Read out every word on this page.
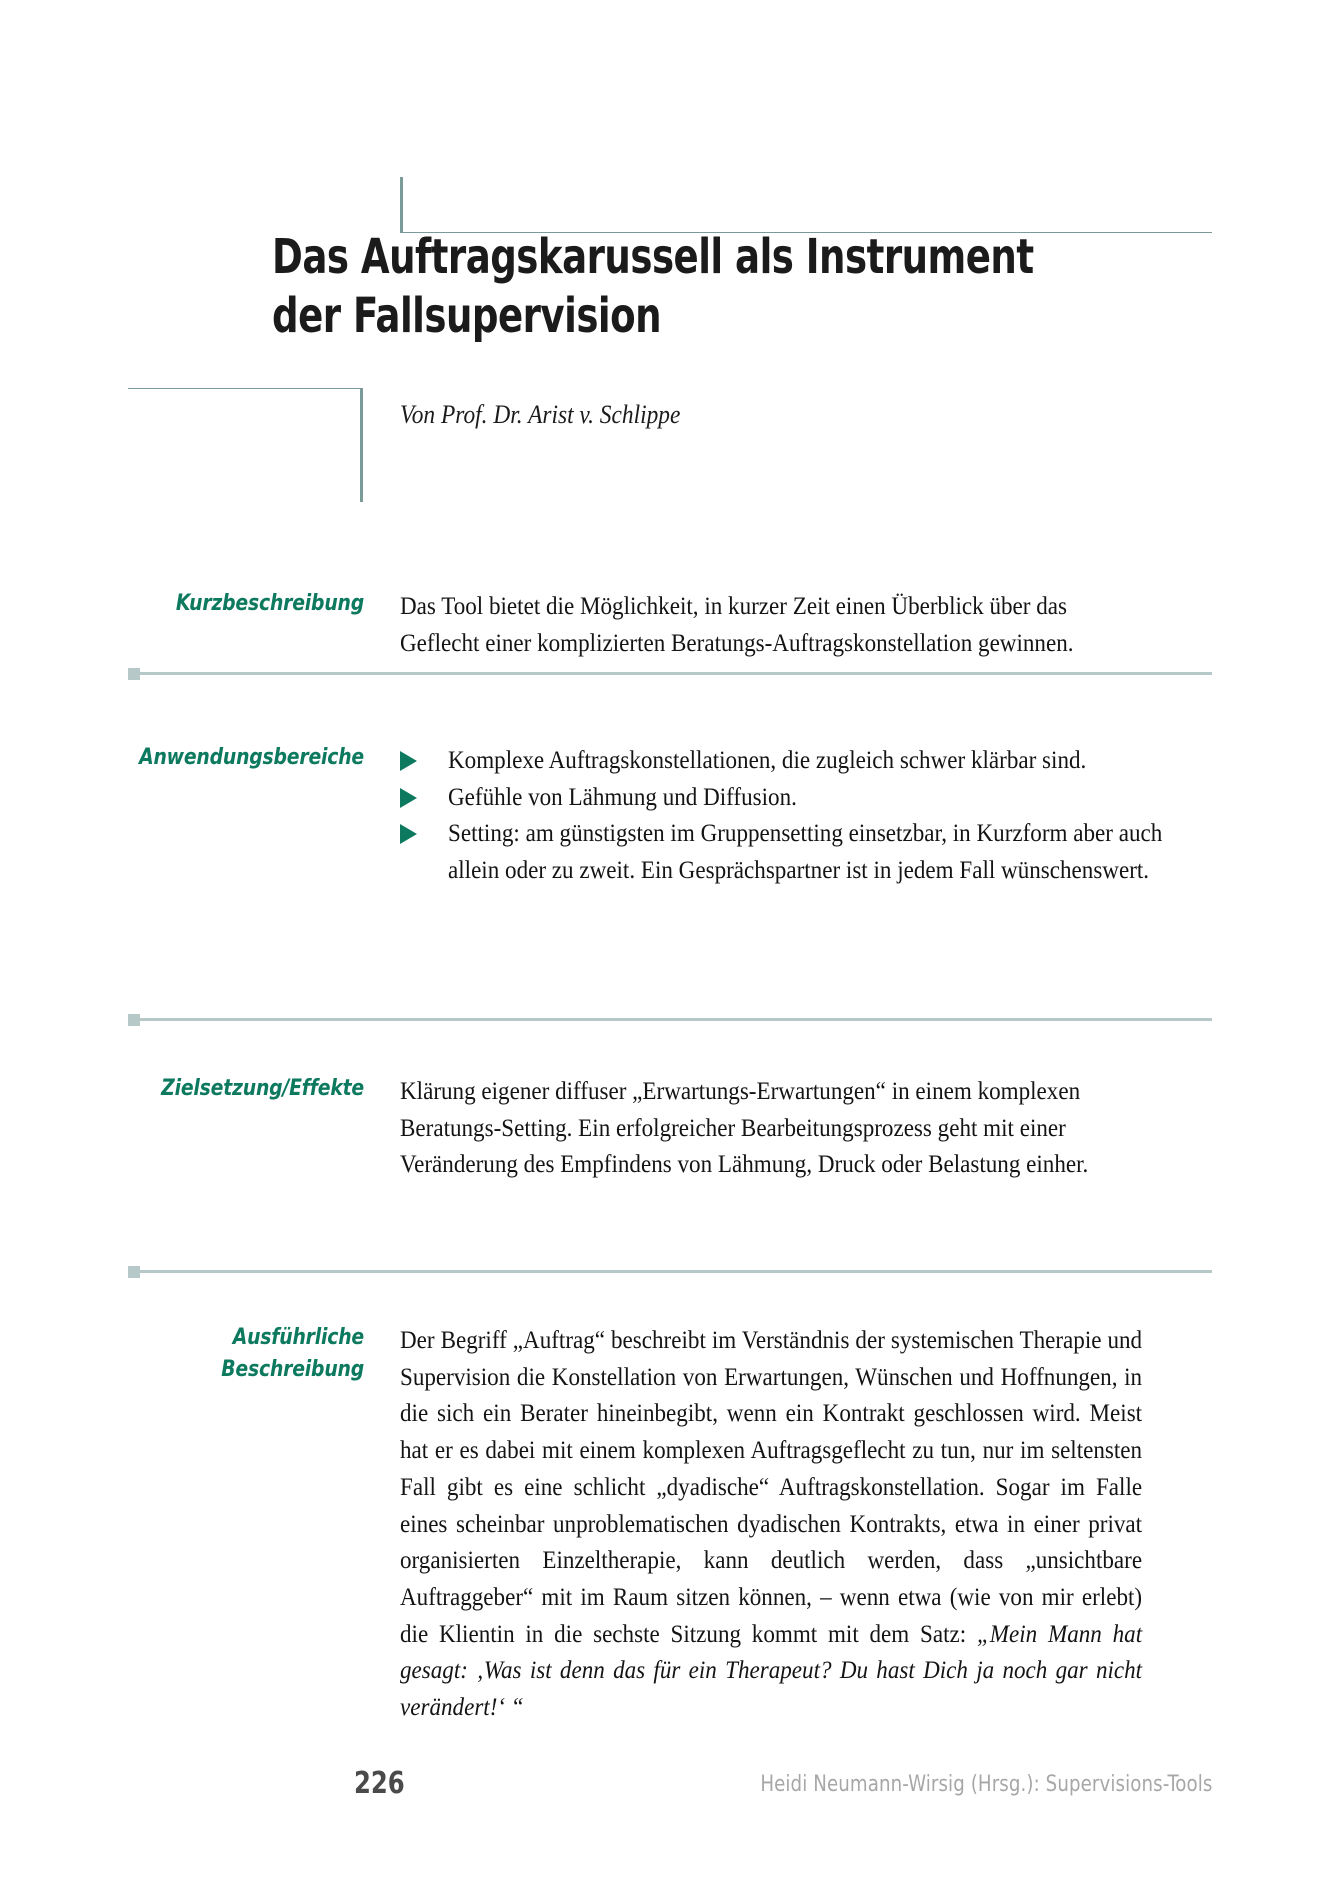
Das Auftragskarussell als Instrument
der Fallsupervision
Von Prof. Dr. Arist v. Schlippe
Kurzbeschreibung Das Tool bietet die Möglichkeit, in kurzer Zeit einen Überblick über das Geflecht einer komplizierten Beratungs-Auftragskonstellation gewinnen.
Anwendungsbereiche	Komplexe Auftragskonstellationen, die zugleich schwer klärbar sind.
Gefühle von Lähmung und Diffusion.
Setting: am günstigsten im Gruppensetting einsetzbar, in Kurzform aber auch allein oder zu zweit. Ein Gesprächspartner ist in jedem Fall wünschenswert.
Zielsetzung/Effekte Klärung eigener diffuser „Erwartungs-Erwartungen“ in einem komplexen Beratungs-Setting. Ein erfolgreicher Bearbeitungsprozess geht mit einer Veränderung des Empfindens von Lähmung, Druck oder Belastung einher.
Ausführliche
Beschreibung
Der Begriff „Auftrag“ beschreibt im Verständnis der systemischen Therapie und Supervision die Konstellation von Erwartungen, Wünschen und Hoffnungen, in die sich ein Berater hineinbegibt, wenn ein Kontrakt geschlossen wird. Meist hat er es dabei mit einem komplexen Auftragsgeflecht zu tun, nur im seltensten Fall gibt es eine schlicht „dyadische“ Auftragskonstellation. Sogar im Falle eines scheinbar unproblematischen dyadischen Kontrakts, etwa in einer privat organisierten Einzeltherapie, kann deutlich werden, dass „unsichtbare Auftraggeber“ mit im Raum sitzen können, – wenn etwa (wie von mir erlebt) die Klientin in die sechste Sitzung kommt mit dem Satz: „Mein Mann hat gesagt: ‚Was ist denn das für ein Therapeut? Du hast Dich ja noch gar nicht verändert!‘ “
226	Heidi Neumann-Wirsig (Hrsg.): Supervisions-Tools
